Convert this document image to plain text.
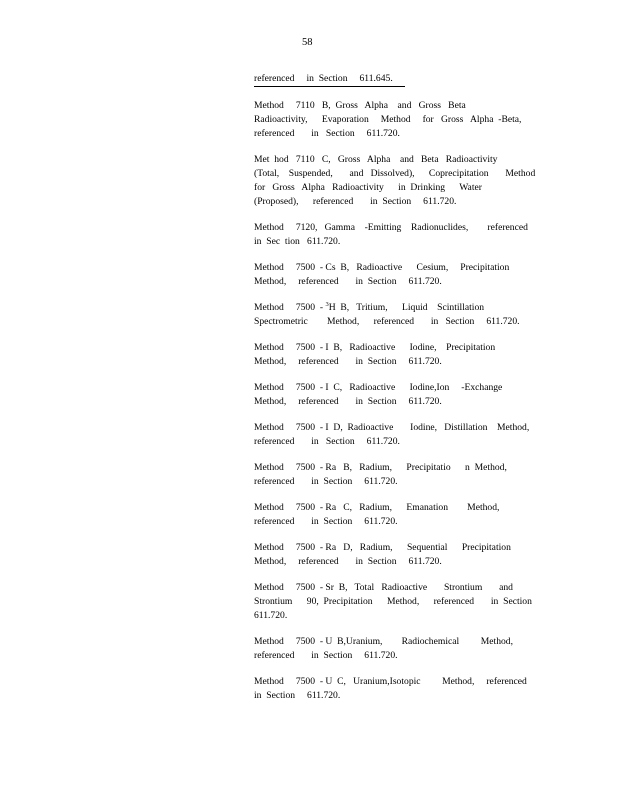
58
referenced     in  Section     611.645.
Method     7110   B,  Gross   Alpha    and   Gross   Beta
Radioactivity,      Evaporation     Method     for   Gross   Alpha  -Beta,
referenced       in   Section     611.720.
Met  hod   7110   C,   Gross   Alpha    and   Beta   Radioactivity
(Total,    Suspended,       and   Dissolved),      Coprecipitation       Method
for   Gross   Alpha   Radioactivity      in  Drinking      Water
(Proposed),      referenced       in  Section     611.720.
Method     7120,   Gamma    -Emitting    Radionuclides,        referenced
in  Sec  tion   611.720.
Method     7500  - Cs  B,   Radioactive      Cesium,     Precipitation
Method,     referenced       in  Section     611.720.
Method     7500  - $^3$H  B,   Tritium,      Liquid    Scintillation
Spectrometric        Method,      referenced       in   Section     611.720.
Method     7500  - I  B,   Radioactive      Iodine,    Precipitation
Method,     referenced       in  Section     611.720.
Method     7500  - I  C,   Radioactive      Iodine,Ion     -Exchange
Method,     referenced       in  Section     611.720.
Method     7500  - I  D,  Radioactive       Iodine,   Distillation    Method,
referenced       in   Section     611.720.
Method     7500  - Ra   B,   Radium,      Precipitatio      n  Method,
referenced       in  Section     611.720.
Method     7500  - Ra   C,   Radium,      Emanation        Method,
referenced       in  Section     611.720.
Method     7500  - Ra   D,   Radium,      Sequential      Precipitation
Method,     referenced       in  Section     611.720.
Method     7500  - Sr  B,   Total   Radioactive       Strontium       and
Strontium      90,  Precipitation      Method,      referenced       in  Section
611.720.
Method     7500  - U  B,Uranium,        Radiochemical         Method,
referenced       in  Section     611.720.
Method     7500  - U  C,   Uranium,Isotopic         Method,     referenced
in  Section     611.720.
